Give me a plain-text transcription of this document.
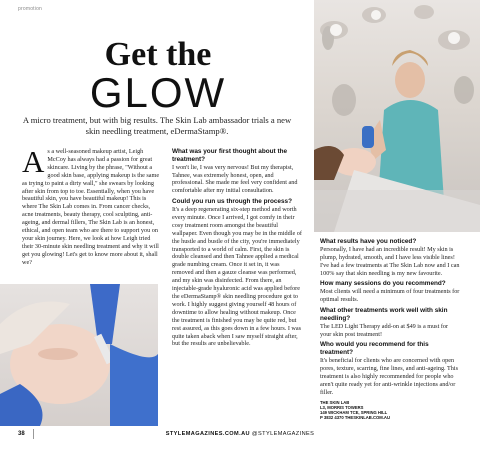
promotion
Get the
GLOW

A micro treatment, but with big results. The Skin Lab ambassador trials a new skin needling treatment, eDermaStamp®.

A s a well-seasoned makeup artist, Leigh McCoy has always had a passion for great skincare. Living by the phrase, "Without a good skin base, applying makeup is the same as trying to paint a dirty wall," she swears by looking after skin from top to toe. Essentially, when you have beautiful skin, you have beautiful makeup! This is where The Skin Lab comes in. From cancer checks, acne treatments, beauty therapy, cool sculpting, anti-ageing, and dermal fillers, The Skin Lab is an honest, ethical, and open team who are there to support you on your skin journey. Here, we look at how Leigh tried their 30-minute skin needling treatment and why it will get you glowing! Let's get to know more about it, shall we?
What was your first thought about the treatment?
I won't lie, I was very nervous! But my therapist, Tahnee, was extremely honest, open, and professional. She made me feel very confident and comfortable after my initial consultation.
Could you run us through the process?
It's a deep regenerating six-step method and worth every minute. Once I arrived, I got comfy in their cosy treatment room amongst the beautiful wallpaper. Even though you may be in the middle of the hustle and bustle of the city, you're immediately transported to a world of calm. First, the skin is double cleansed and then Tahnee applied a medical grade numbing cream. Once it set in, it was removed and then a gauze cleanse was performed, and my skin was disinfected. From there, an injectable-grade hyaluronic acid was applied before the eDermaStamp® skin needling procedure got to work. I highly suggest giving yourself 48 hours of downtime to allow healing without makeup. Once the treatment is finished you may be quite red, but rest assured, as this goes down in a few hours. I was quite taken aback when I saw myself straight after, but the results are unbelievable.
What results have you noticed?
Personally, I have had an incredible result! My skin is plump, hydrated, smooth, and I have less visible lines! I've had a few treatments at The Skin Lab now and I can 100% say that skin needling is my new favourite.
How many sessions do you recommend?
Most clients will need a minimum of four treatments for optimal results.
What other treatments work well with skin needling?
The LED Light Therapy add-on at $49 is a must for your skin post treatment!
Who would you recommend for this treatment?
It's beneficial for clients who are concerned with open pores, texture, scarring, fine lines, and anti-ageing. This treatment is also highly recommended for people who aren't quite ready yet for anti-wrinkle injections and/or filler.
THE SKIN LAB
L3, MORRIS TOWERS
149 WICKHAM TCE, SPRING HILL
P 3832 4370 THESKINLAB.COM.AU
38	STYLEMAGAZINES.COM.AU @STYLEMAGAZINES
